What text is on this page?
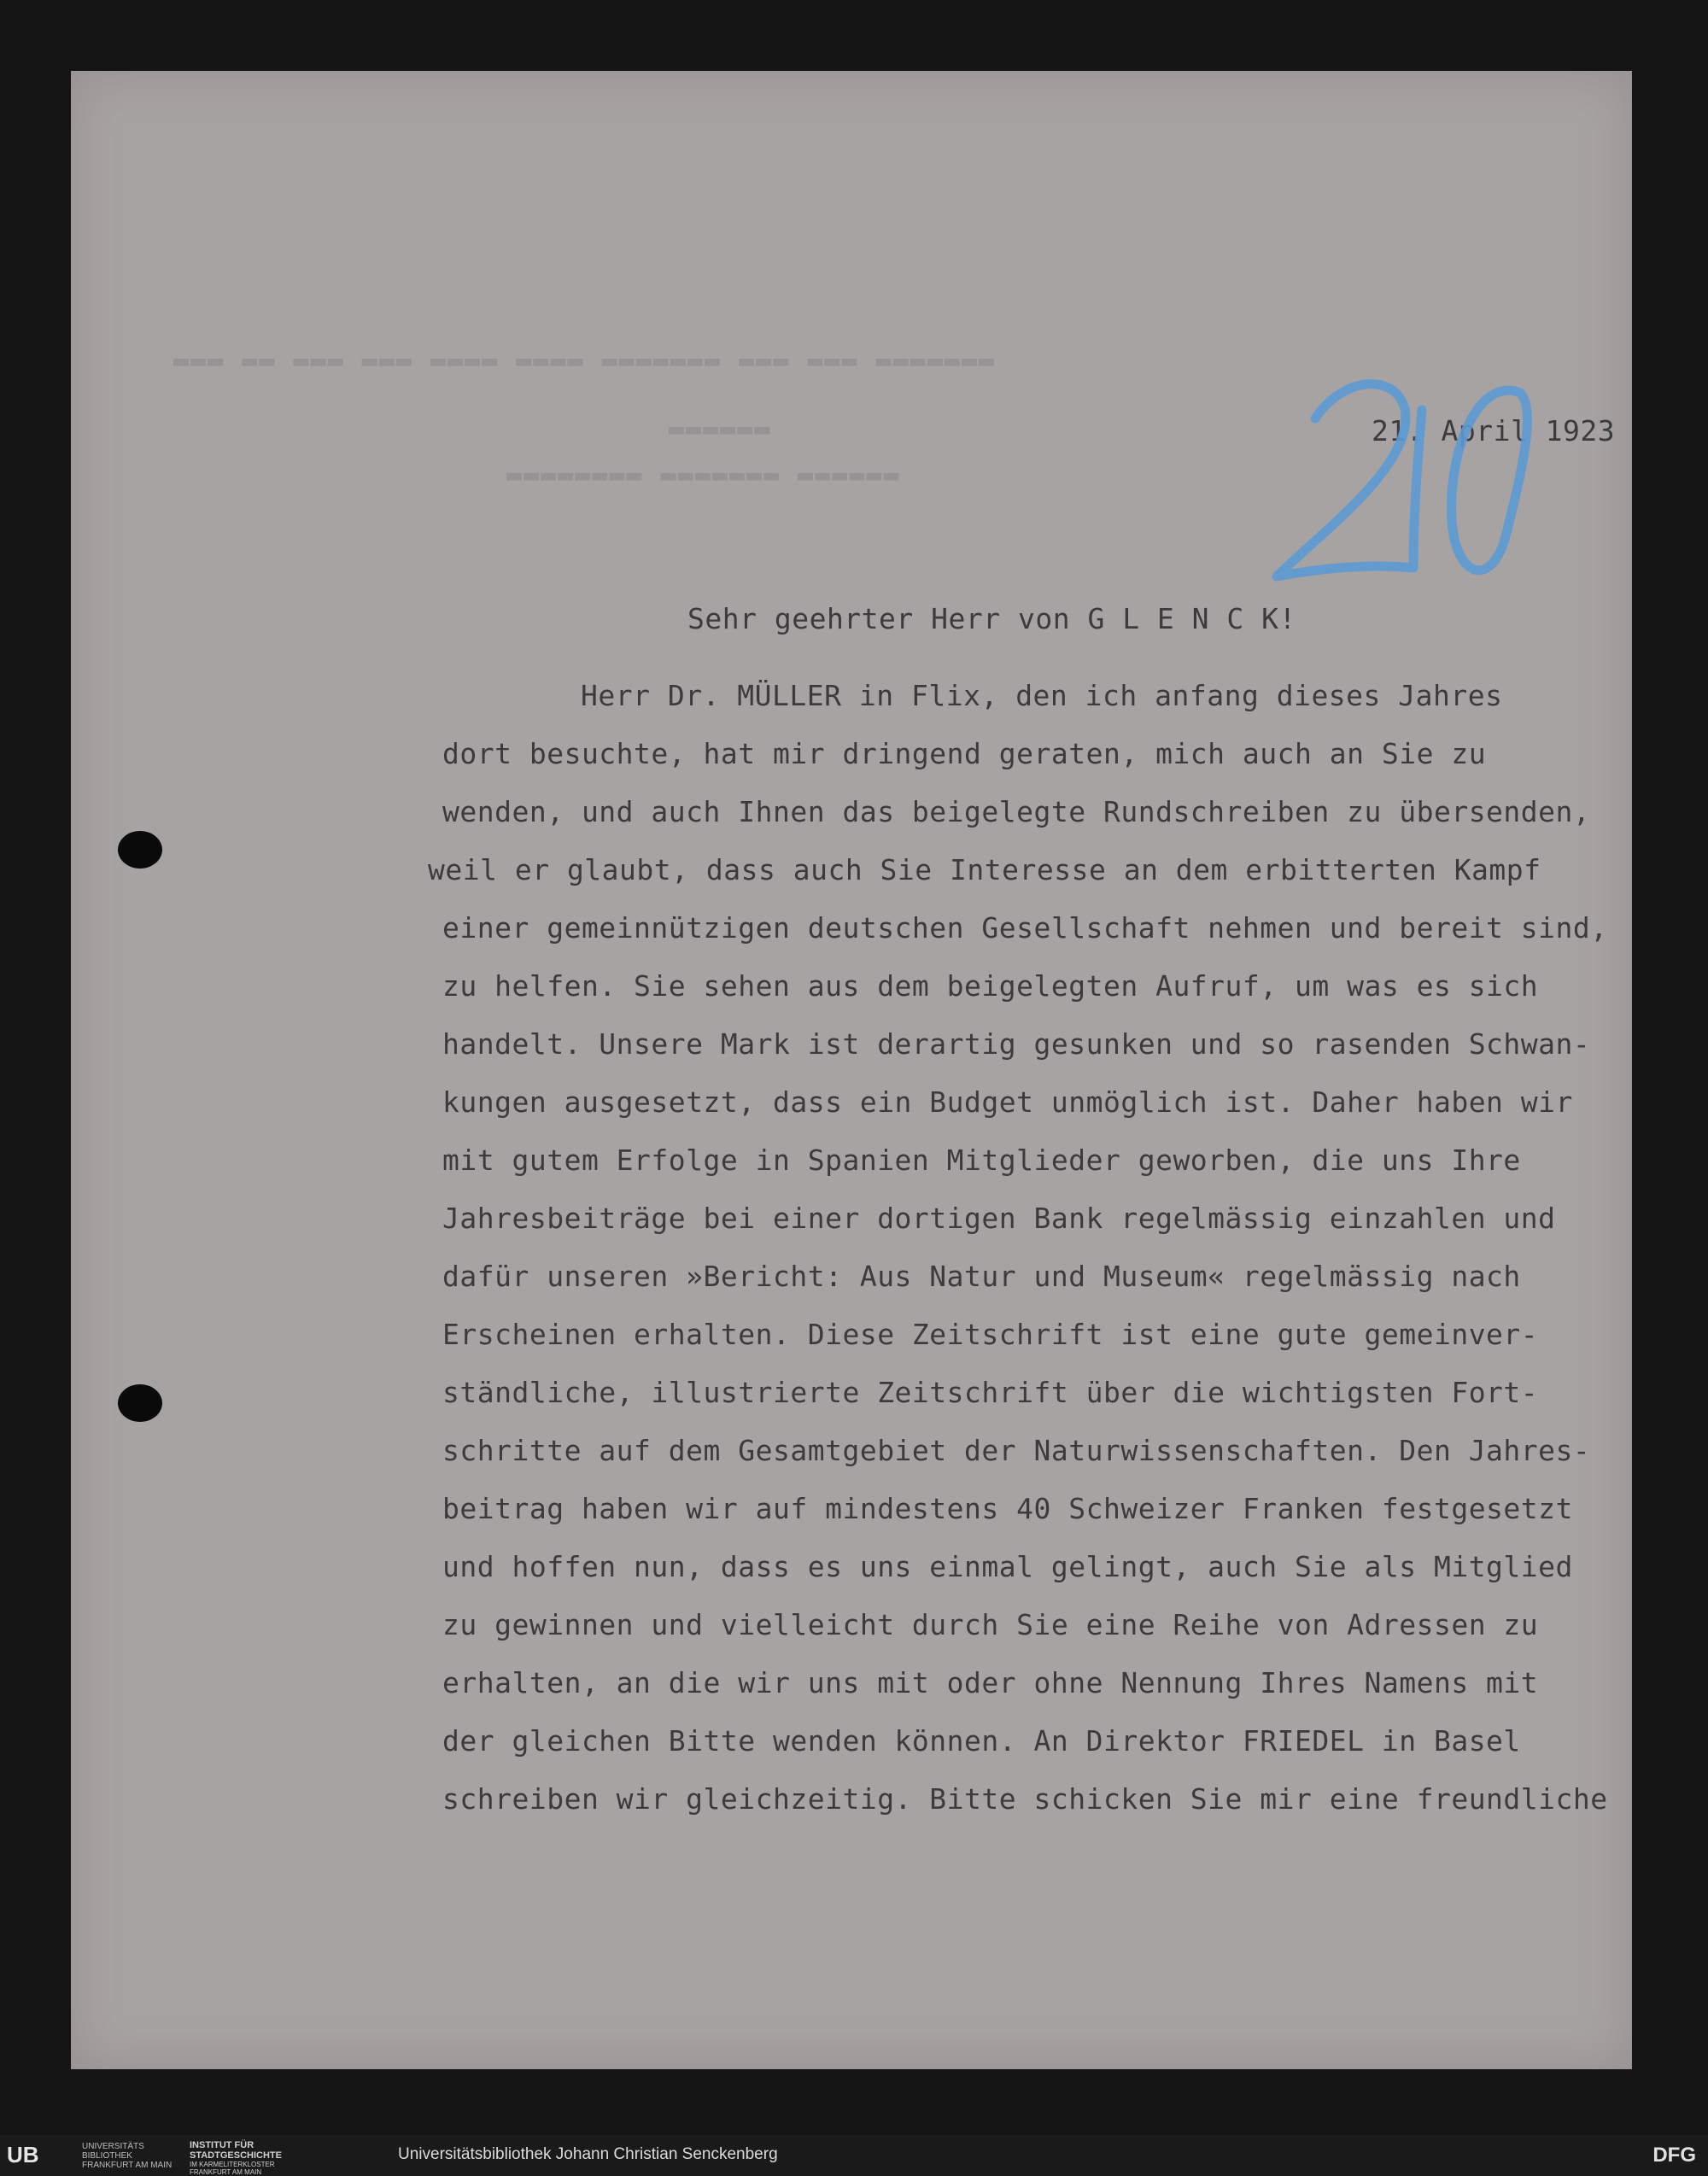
▬▬▬ ▬▬ ▬▬▬ ▬▬▬ ▬▬▬▬ ▬▬▬▬ ▬▬▬▬▬▬▬ ▬▬▬ ▬▬▬ ▬▬▬▬▬▬▬
▬▬▬▬▬▬
▬▬▬▬▬▬▬▬ ▬▬▬▬▬▬▬ ▬▬▬▬▬▬
21. April 1923
Sehr geehrter Herr von G L E N C K!
Herr Dr. MÜLLER in Flix, den ich anfang dieses Jahres
dort besuchte, hat mir dringend geraten, mich auch an Sie zu
wenden, und auch Ihnen das beigelegte Rundschreiben zu übersenden,
weil er glaubt, dass auch Sie Interesse an dem erbitterten Kampf
einer gemeinnützigen deutschen Gesellschaft nehmen und bereit sind,
zu helfen. Sie sehen aus dem beigelegten Aufruf, um was es sich
handelt. Unsere Mark ist derartig gesunken und so rasenden Schwan-
kungen ausgesetzt, dass ein Budget unmöglich ist. Daher haben wir
mit gutem Erfolge in Spanien Mitglieder geworben, die uns Ihre
Jahresbeiträge bei einer dortigen Bank regelmässig einzahlen und
dafür unseren »Bericht: Aus Natur und Museum« regelmässig nach
Erscheinen erhalten. Diese Zeitschrift ist eine gute gemeinver-
ständliche, illustrierte Zeitschrift über die wichtigsten Fort-
schritte auf dem Gesamtgebiet der Naturwissenschaften. Den Jahres-
beitrag haben wir auf mindestens 40 Schweizer Franken festgesetzt
und hoffen nun, dass es uns einmal gelingt, auch Sie als Mitglied
zu gewinnen und vielleicht durch Sie eine Reihe von Adressen zu
erhalten, an die wir uns mit oder ohne Nennung Ihres Namens mit
der gleichen Bitte wenden können. An Direktor FRIEDEL in Basel
schreiben wir gleichzeitig. Bitte schicken Sie mir eine freundliche
UB	UNIVERSITÄTS
BIBLIOTHEK
FRANKFURT AM MAIN
INSTITUT FÜR
STADTGESCHICHTE
IM KARMELITERKLOSTER
FRANKFURT AM MAIN
Universitätsbibliothek Johann Christian Senckenberg	DFG
